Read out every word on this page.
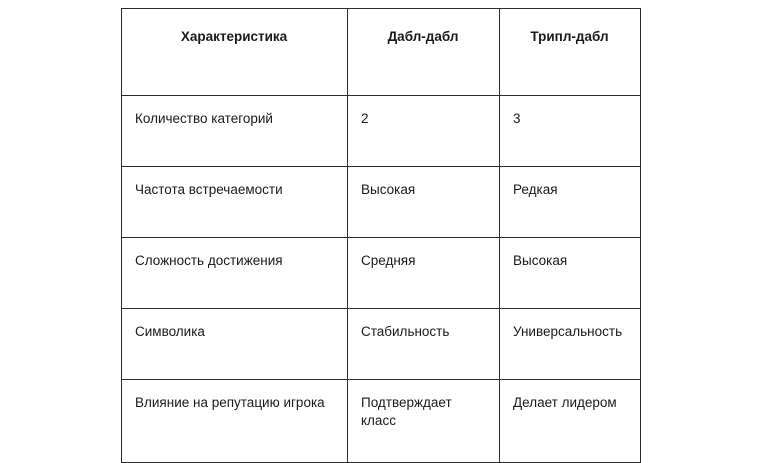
Характеристика	Дабл-дабл	Трипл-дабл
Количество категорий	2	3
Частота встречаемости	Высокая	Редкая
Сложность достижения	Средняя	Высокая
Символика	Стабильность	Универсальность
Влияние на репутацию игрока	Подтверждает класс	Делает лидером
